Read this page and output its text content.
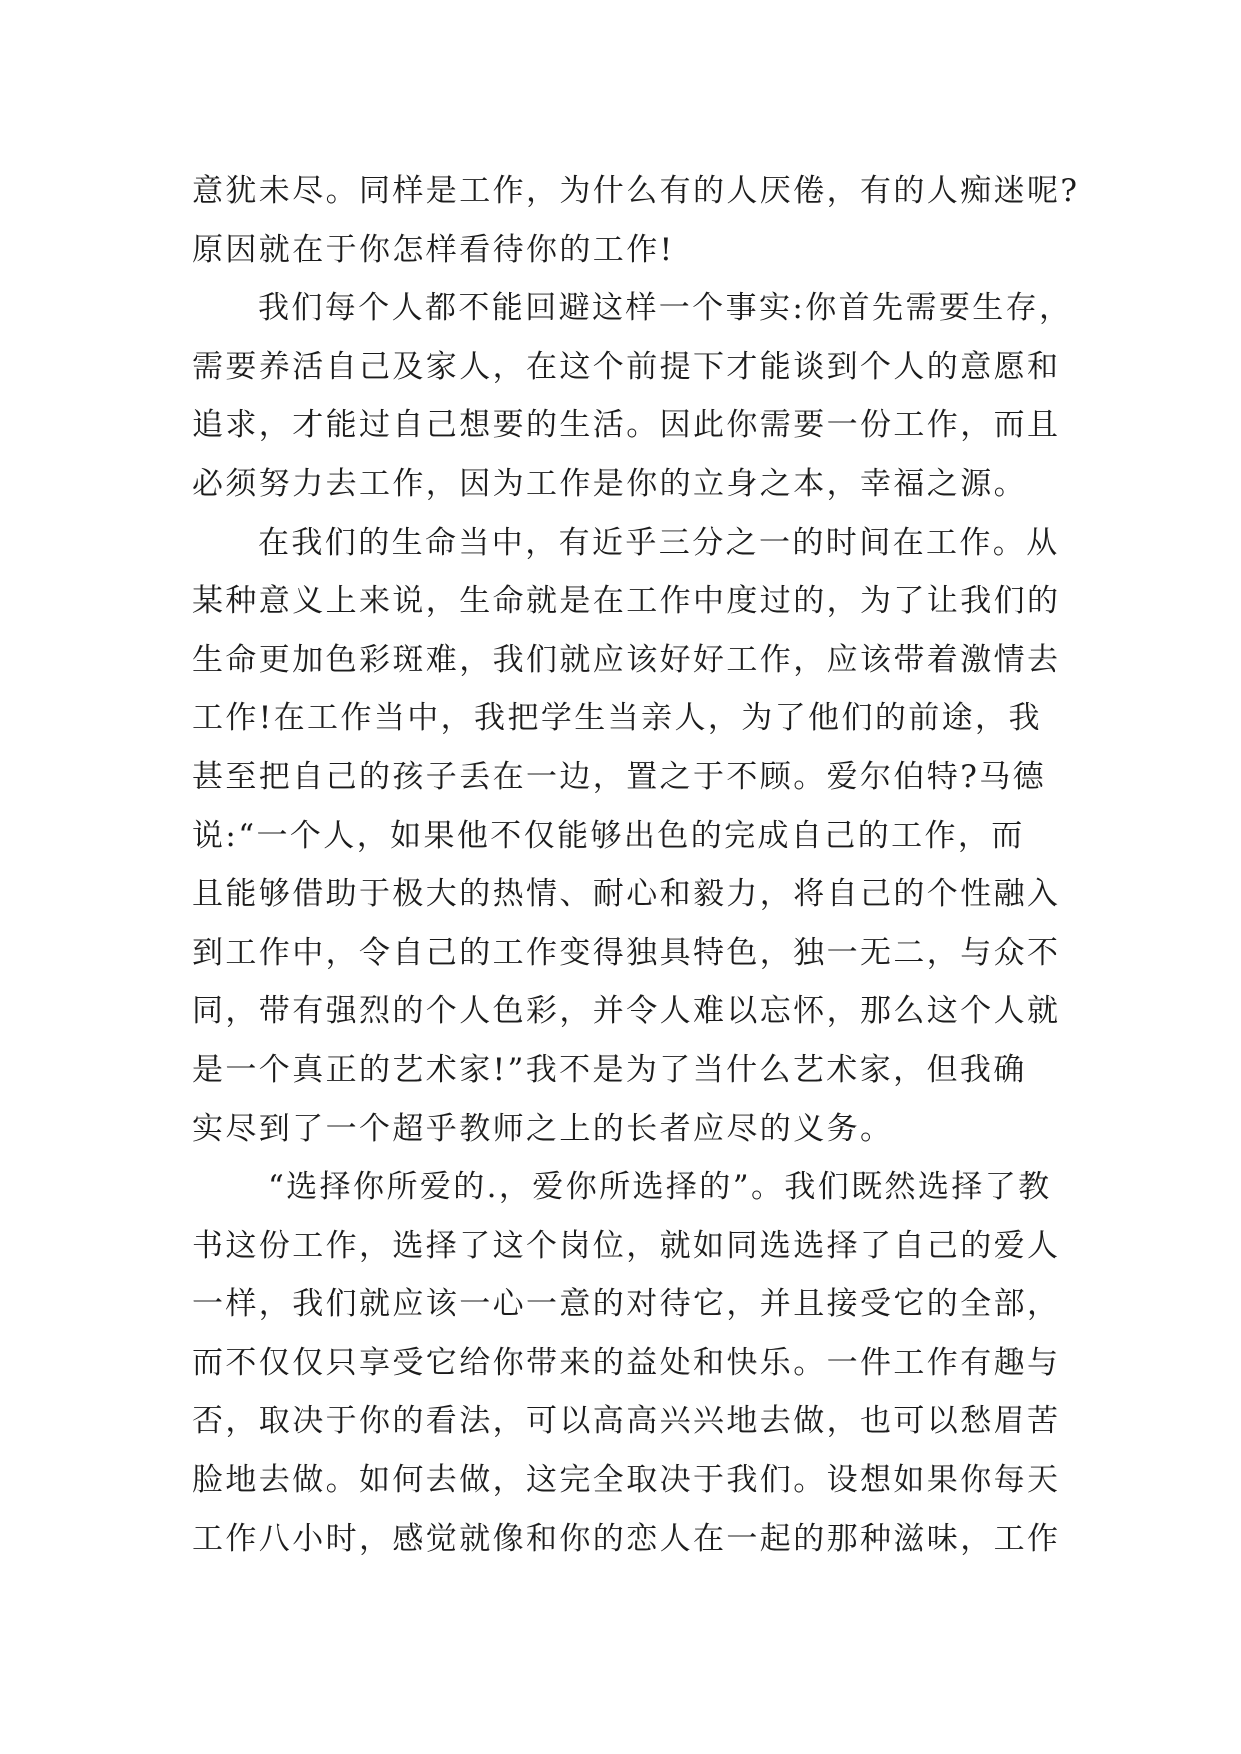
意犹未尽。同样是工作，为什么有的人厌倦，有的人痴迷呢?
原因就在于你怎样看待你的工作!
我们每个人都不能回避这样一个事实:你首先需要生存，
需要养活自己及家人，在这个前提下才能谈到个人的意愿和
追求，才能过自己想要的生活。因此你需要一份工作，而且
必须努力去工作，因为工作是你的立身之本，幸福之源。
在我们的生命当中，有近乎三分之一的时间在工作。从
某种意义上来说，生命就是在工作中度过的，为了让我们的
生命更加色彩斑难，我们就应该好好工作，应该带着激情去
工作!在工作当中，我把学生当亲人，为了他们的前途，我
甚至把自己的孩子丢在一边，置之于不顾。爱尔伯特?马德
说:“一个人，如果他不仅能够出色的完成自己的工作，而
且能够借助于极大的热情、耐心和毅力，将自己的个性融入
到工作中，令自己的工作变得独具特色，独一无二，与众不
同，带有强烈的个人色彩，并令人难以忘怀，那么这个人就
是一个真正的艺术家!”我不是为了当什么艺术家，但我确
实尽到了一个超乎教师之上的长者应尽的义务。
“选择你所爱的.，爱你所选择的”。我们既然选择了教
书这份工作，选择了这个岗位，就如同选选择了自己的爱人
一样，我们就应该一心一意的对待它，并且接受它的全部，
而不仅仅只享受它给你带来的益处和快乐。一件工作有趣与
否，取决于你的看法，可以高高兴兴地去做，也可以愁眉苦
脸地去做。如何去做，这完全取决于我们。设想如果你每天
工作八小时，感觉就像和你的恋人在一起的那种滋味，工作
